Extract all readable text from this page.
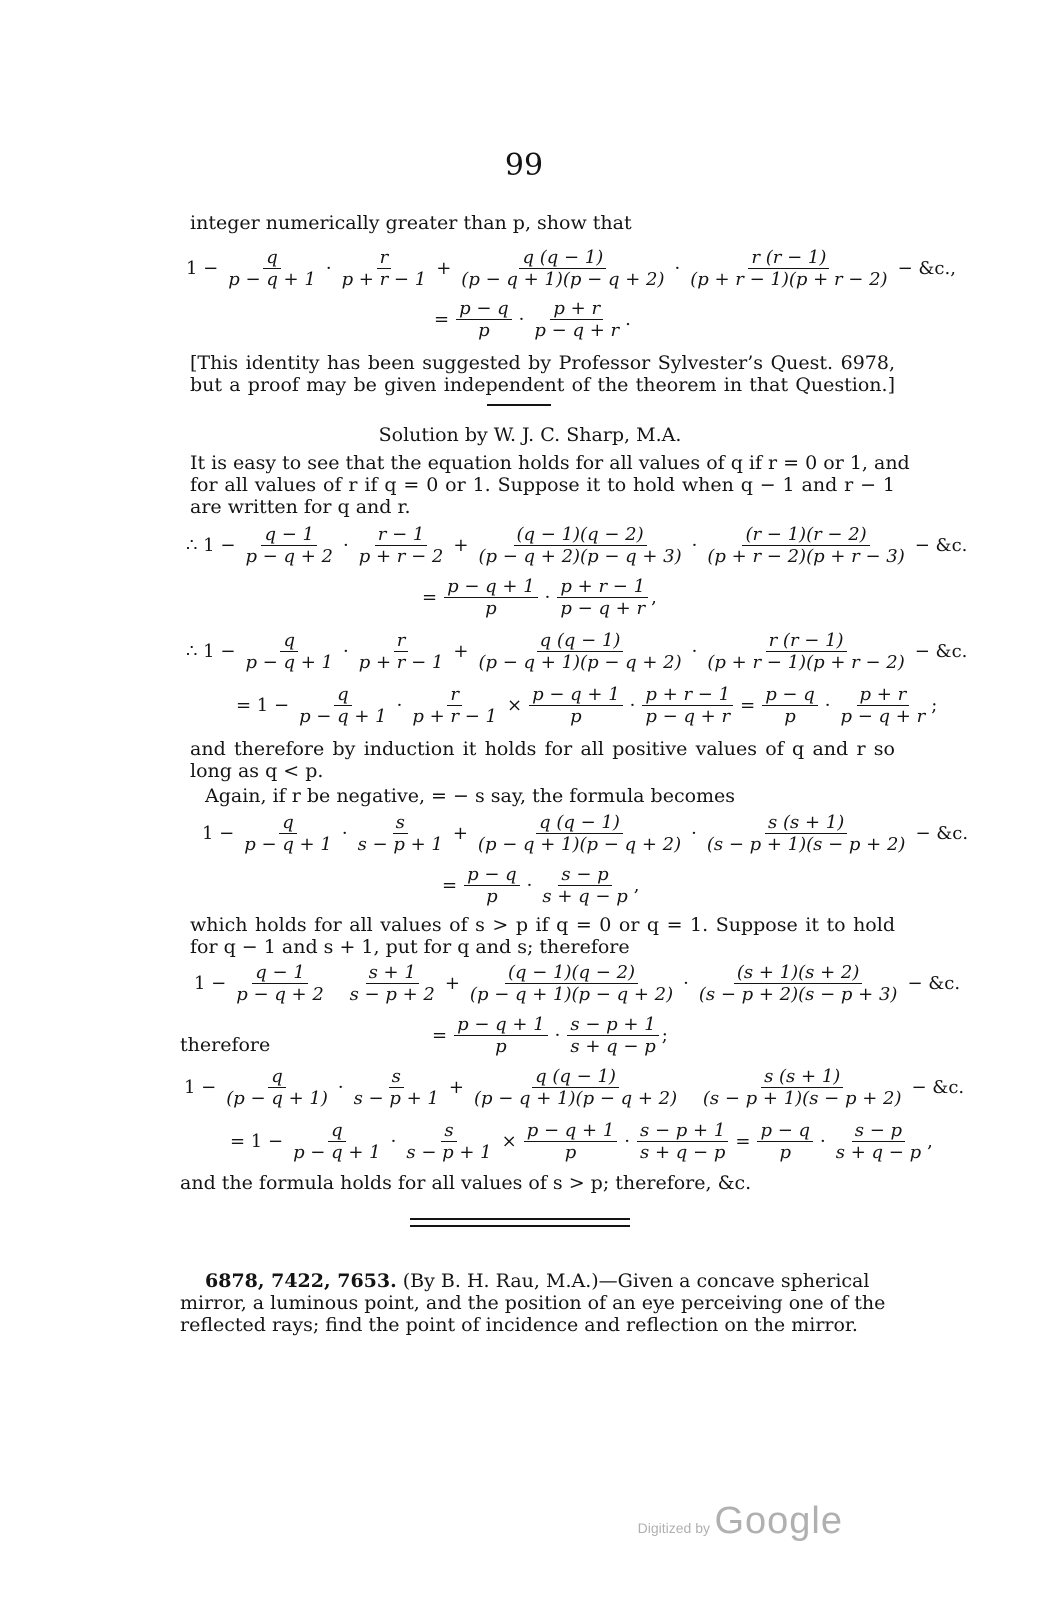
99
integer numerically greater than p, show that
$1 - \frac{q}{p - q + 1} \cdot \frac{r}{p + r - 1} + \frac{q (q - 1)}{(p - q + 1)(p - q + 2)} \cdot \frac{r (r - 1)}{(p + r - 1)(p + r - 2)}$ − &c.,
= $\frac{p - q}{p} \cdot \frac{p + r}{p - q + r}$ .
[This identity has been suggested by Professor Sylvester’s Quest. 6978,
but a proof may be given independent of the theorem in that Question.]
Solution by W. J. C. Sharp, M.A.
It is easy to see that the equation holds for all values of q if r = 0 or 1, and
for all values of r if q = 0 or 1. Suppose it to hold when q − 1 and r − 1
are written for q and r.
∴ $1 - \frac{q - 1}{p - q + 2} \cdot \frac{r - 1}{p + r - 2} + \frac{(q - 1)(q - 2)}{(p - q + 2)(p - q + 3)} \cdot \frac{(r - 1)(r - 2)}{(p + r - 2)(p + r - 3)}$ − &c.
= $\frac{p - q + 1}{p} \cdot \frac{p + r - 1}{p - q + r}$ ,
∴ $1 - \frac{q}{p - q + 1} \cdot \frac{r}{p + r - 1} + \frac{q (q - 1)}{(p - q + 1)(p - q + 2)} \cdot \frac{r (r - 1)}{(p + r - 1)(p + r - 2)}$ − &c.
= $1 - \frac{q}{p - q + 1} \cdot \frac{r}{p + r - 1} \times \frac{p - q + 1}{p} \cdot \frac{p + r - 1}{p - q + r} = \frac{p - q}{p} \cdot \frac{p + r}{p - q + r}$ ;
and therefore by induction it holds for all positive values of q and r so
long as q < p.
Again, if r be negative, = − s say, the formula becomes
$1 - \frac{q}{p - q + 1} \cdot \frac{s}{s - p + 1} + \frac{q (q - 1)}{(p - q + 1)(p - q + 2)} \cdot \frac{s (s + 1)}{(s - p + 1)(s - p + 2)}$ − &c.
= $\frac{p - q}{p} \cdot \frac{s - p}{s + q - p}$ ,
which holds for all values of s > p if q = 0 or q = 1. Suppose it to hold
for q − 1 and s + 1, put for q and s; therefore
$1 - \frac{q - 1}{p - q + 2}$
$\frac{s + 1}{s - p + 2} + \frac{(q - 1)(q - 2)}{(p - q + 1)(p - q + 2)} \cdot \frac{(s + 1)(s + 2)}{(s - p + 2)(s - p + 3)}$ − &c.
therefore	= $\frac{p - q + 1}{p} \cdot \frac{s - p + 1}{s + q - p}$ ;
$1 - \frac{q}{(p - q + 1)} \cdot \frac{s}{s - p + 1} + \frac{q (q - 1)}{(p - q + 1)(p - q + 2)}$
$\frac{s (s + 1)}{(s - p + 1)(s - p + 2)}$ − &c.
= $1 - \frac{q}{p - q + 1} \cdot \frac{s}{s - p + 1} \times \frac{p - q + 1}{p} \cdot \frac{s - p + 1}{s + q - p} = \frac{p - q}{p} \cdot \frac{s - p}{s + q - p}$ ,
and the formula holds for all values of s > p; therefore, &c.
6878, 7422, 7653. (By B. H. Rau, M.A.)—Given a concave spherical
mirror, a luminous point, and the position of an eye perceiving one of the
reflected rays; find the point of incidence and reflection on the mirror.
Digitized by Google
